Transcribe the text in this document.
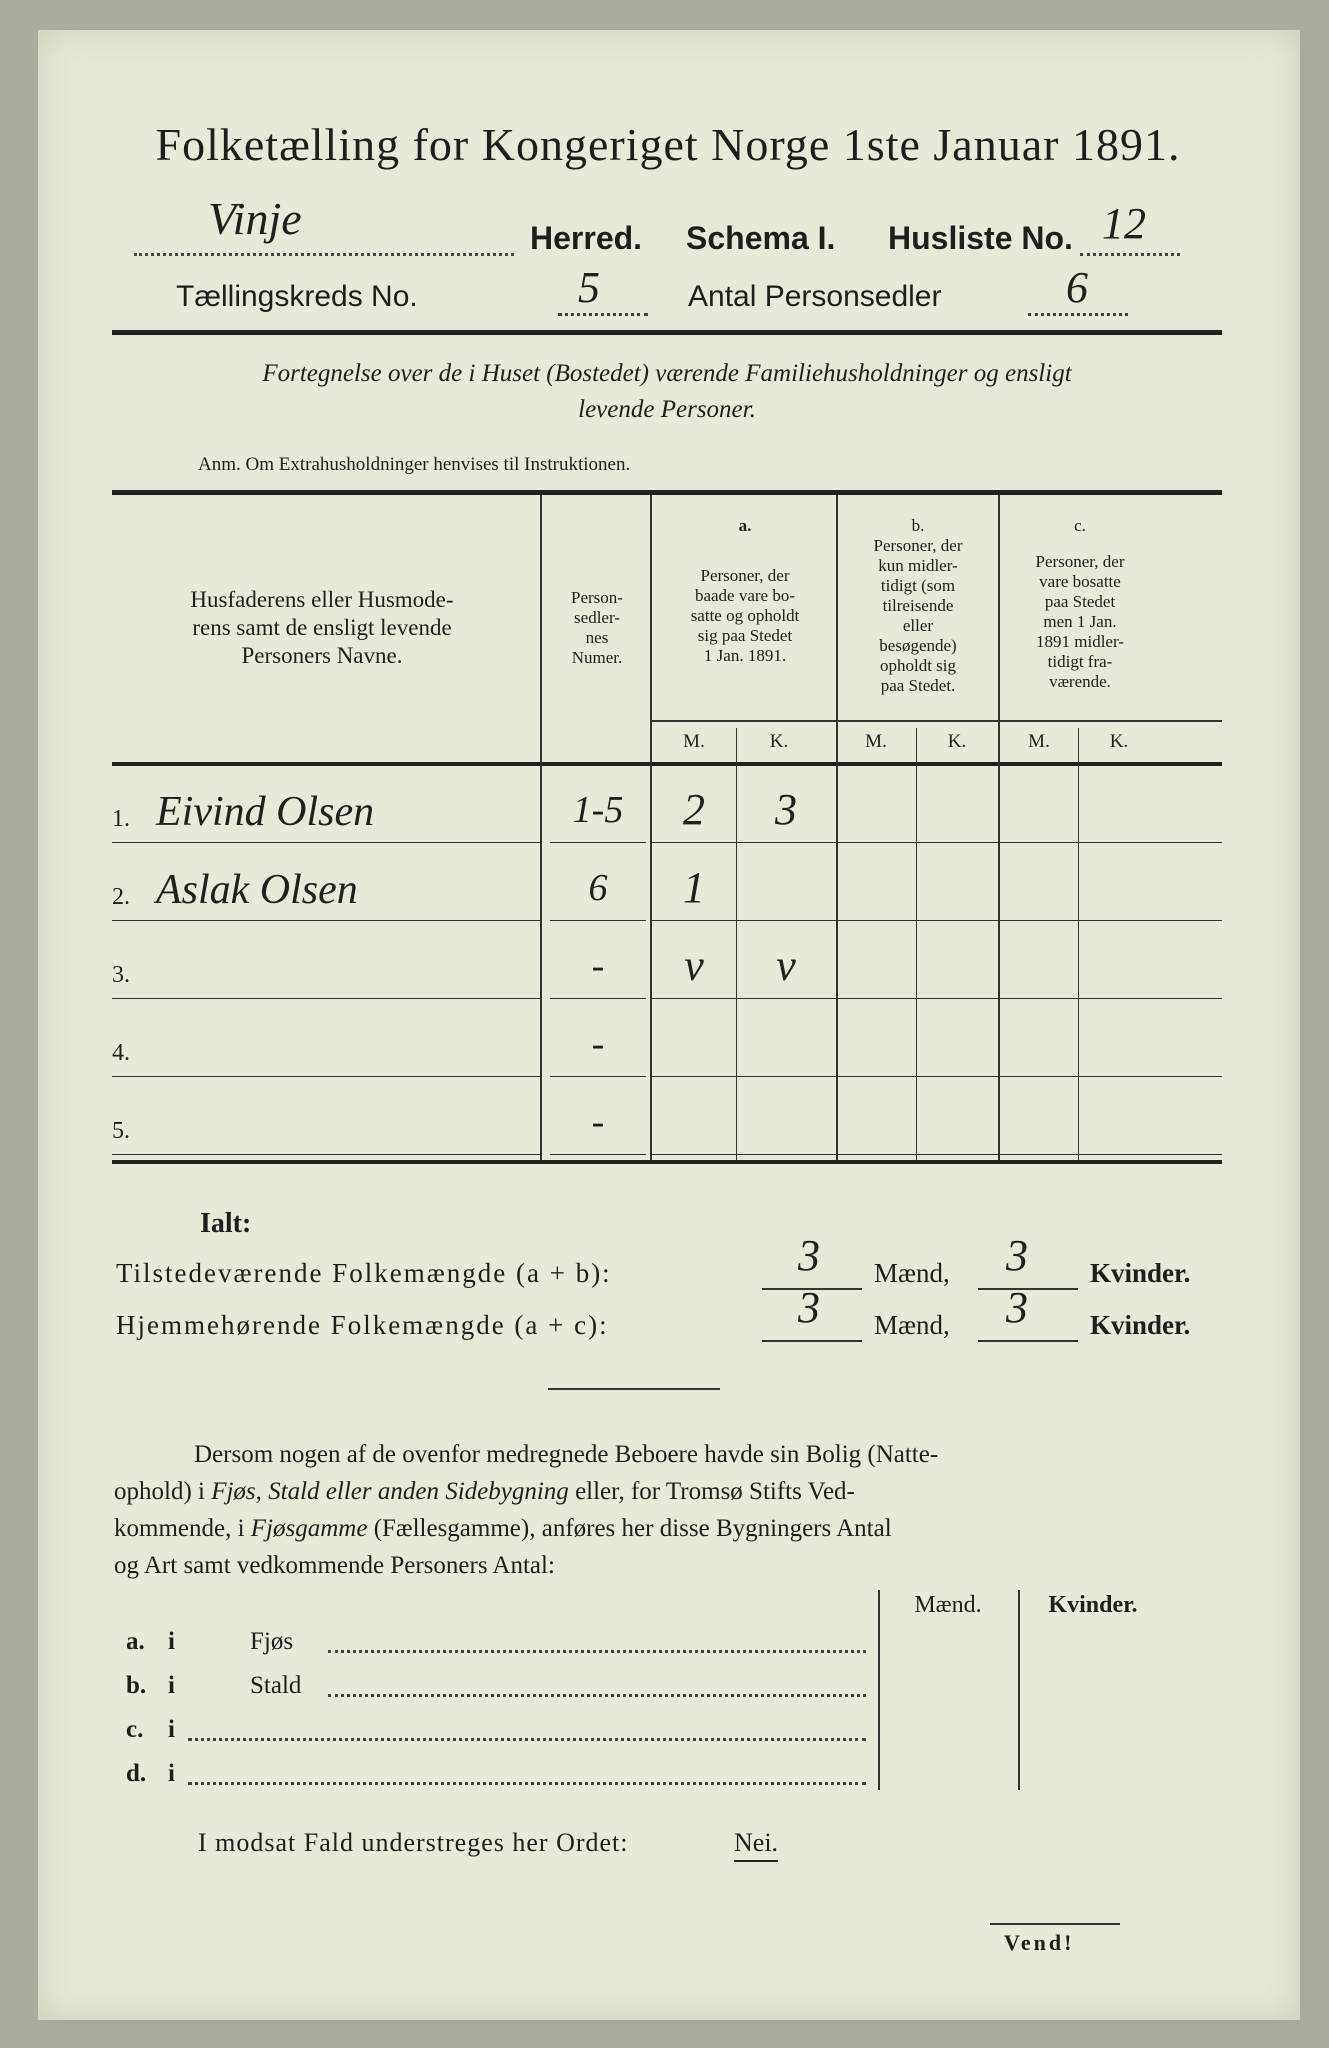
Folketælling for Kongeriget Norge 1ste Januar 1891.
Vinje	Herred. Schema I. Husliste No. 12
Tællingskreds No.	5	Antal Personsedler	6
Fortegnelse over de i Huset (Bostedet) værende Familiehusholdninger og ensligt
levende Personer.
Anm. Om Extrahusholdninger henvises til Instruktionen.
Husfaderens eller Husmode-
rens samt de ensligt levende
Personers Navne.
Person-
sedler-
nes
Numer.
a.
Personer, der
baade vare bo-
satte og opholdt
sig paa Stedet
1 Jan. 1891.
b.
Personer, der
kun midler-
tidigt (som
tilreisende
eller
besøgende)
opholdt sig
paa Stedet.
c.
Personer, der
vare bosatte
paa Stedet
men 1 Jan.
1891 midler-
tidigt fra-
værende.
M.	K.	M.	K.	M.	K.
1. Eivind Olsen	1-5	2	3
2. Aslak Olsen	6	1
3.	-	v	v
4.	-
5.	-
Ialt:
Tilstedeværende Folkemængde (a + b):	3 Mænd, 3 Kvinder.
Hjemmehørende Folkemængde (a + c):	3 Mænd, 3 Kvinder.
Dersom nogen af de ovenfor medregnede Beboere havde sin Bolig (Natte-
ophold) i Fjøs, Stald eller anden Sidebygning eller, for Tromsø Stifts Ved-
kommende, i Fjøsgamme (Fællesgamme), anføres her disse Bygningers Antal
og Art samt vedkommende Personers Antal:
Mænd.	Kvinder.
a. i	Fjøs
b. i	Stald
c. i
d. i
I modsat Fald understreges her Ordet:	Nei.
Vend!
